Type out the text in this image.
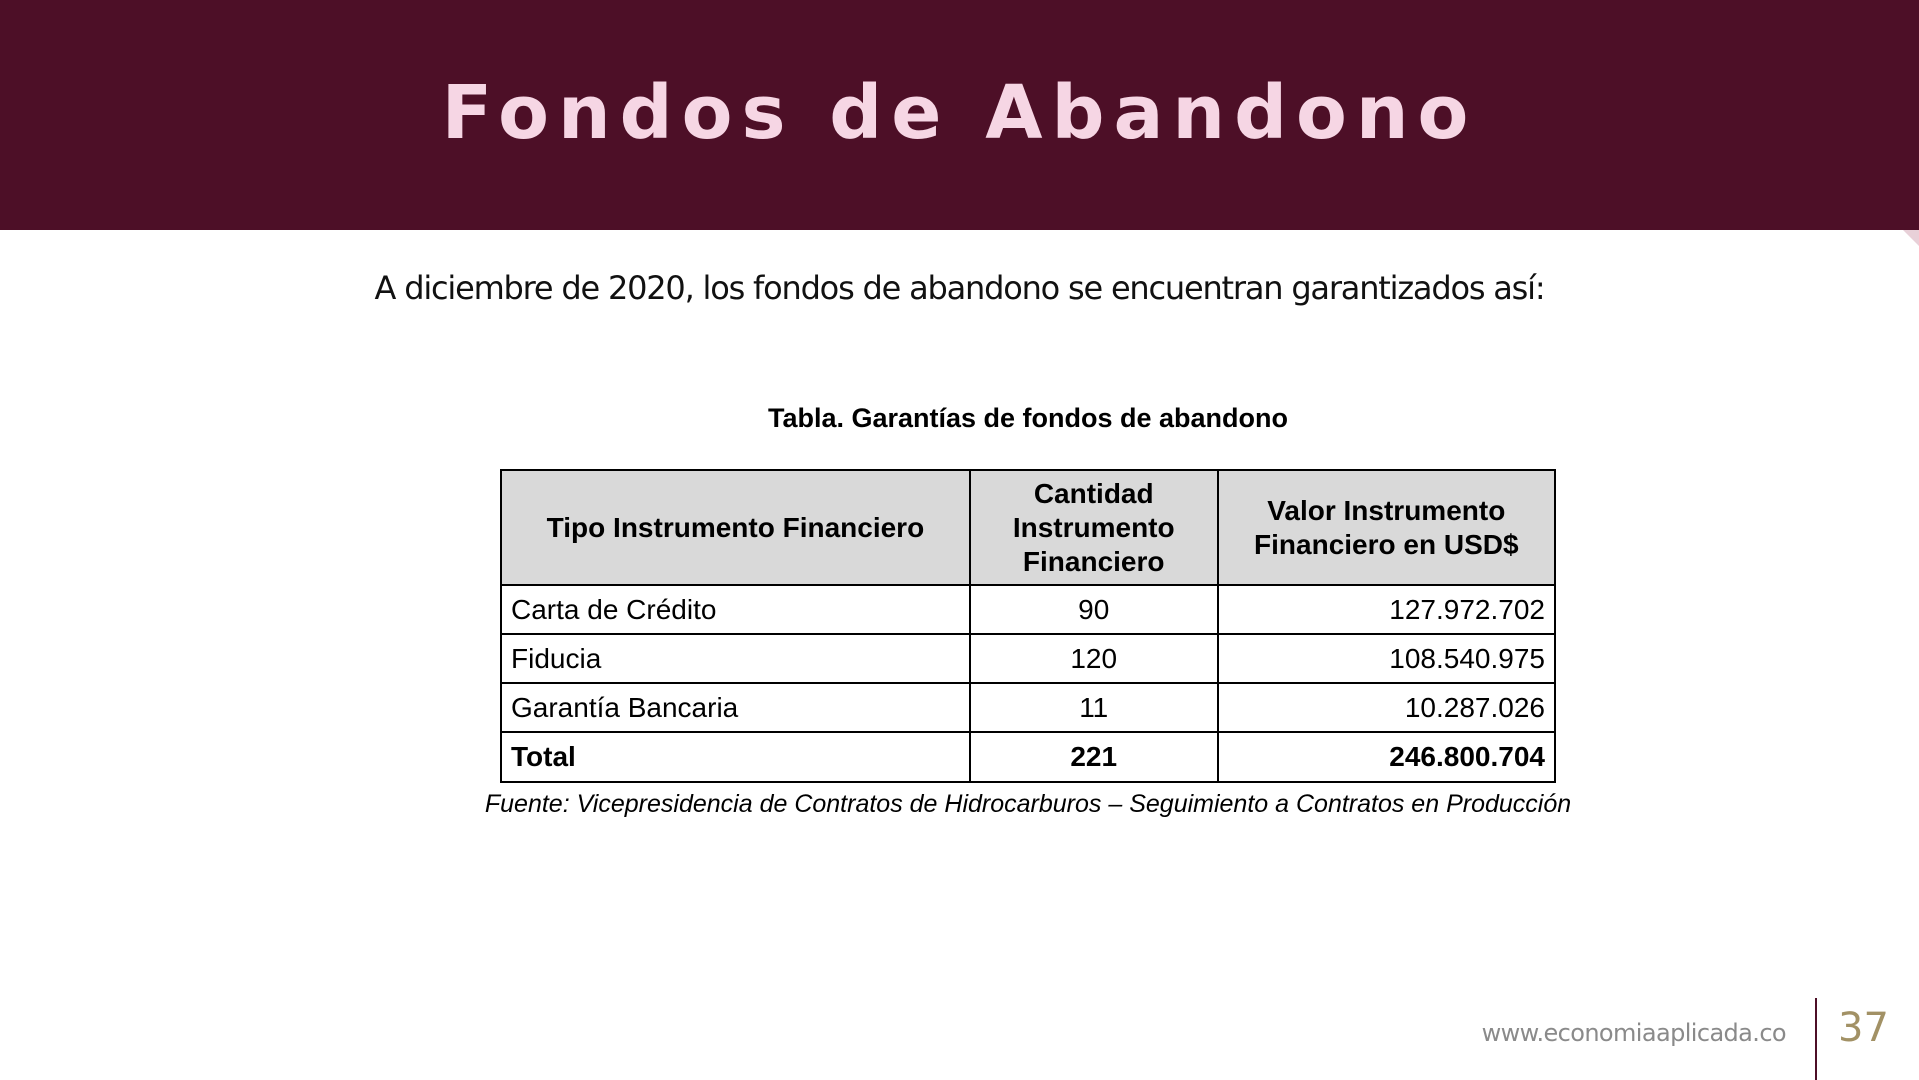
Fondos de Abandono
A diciembre de 2020, los fondos de abandono se encuentran garantizados así:
Tabla. Garantías de fondos de abandono
Tipo Instrumento Financiero	Cantidad Instrumento Financiero	Valor Instrumento Financiero en USD$
Carta de Crédito	90	127.972.702
Fiducia	120	108.540.975
Garantía Bancaria	11	10.287.026
Total	221	246.800.704
Fuente: Vicepresidencia de Contratos de Hidrocarburos – Seguimiento a Contratos en Producción
www.economiaaplicada.co 37
